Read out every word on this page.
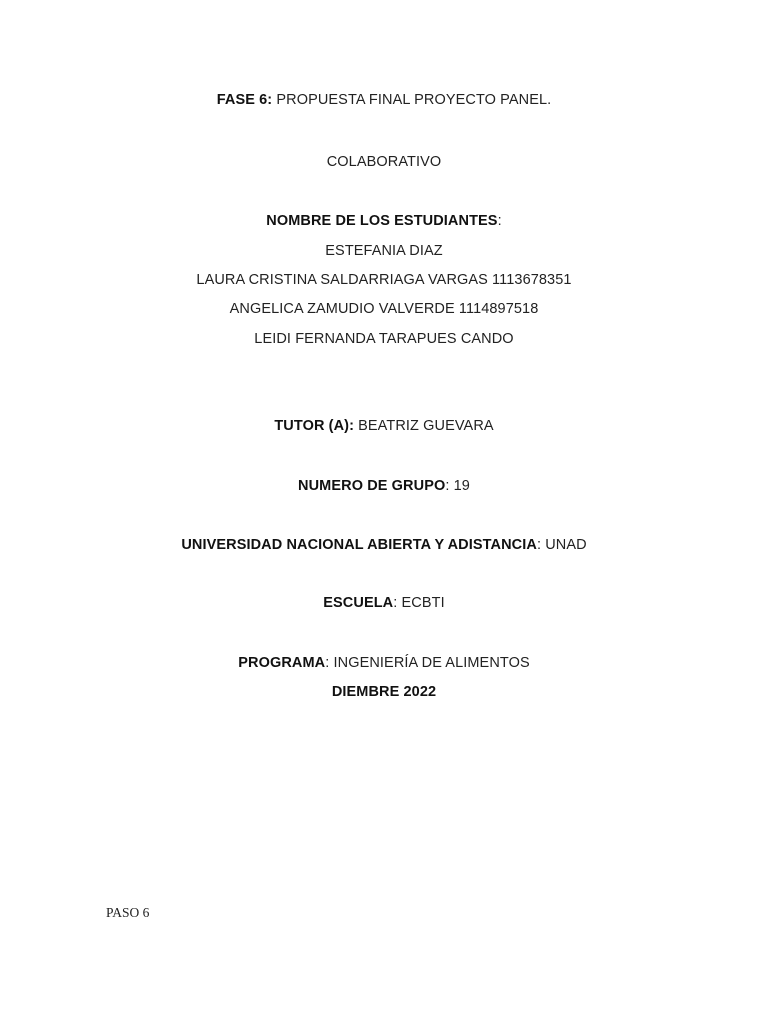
FASE 6: PROPUESTA FINAL PROYECTO PANEL.
COLABORATIVO
NOMBRE DE LOS ESTUDIANTES:
ESTEFANIA DIAZ
LAURA CRISTINA SALDARRIAGA VARGAS 1113678351
ANGELICA ZAMUDIO VALVERDE 1114897518
LEIDI FERNANDA TARAPUES CANDO
TUTOR (A): BEATRIZ GUEVARA
NUMERO DE GRUPO: 19
UNIVERSIDAD NACIONAL ABIERTA Y ADISTANCIA: UNAD
ESCUELA: ECBTI
PROGRAMA: INGENIERÍA DE ALIMENTOS
DIEMBRE 2022
PASO 6
